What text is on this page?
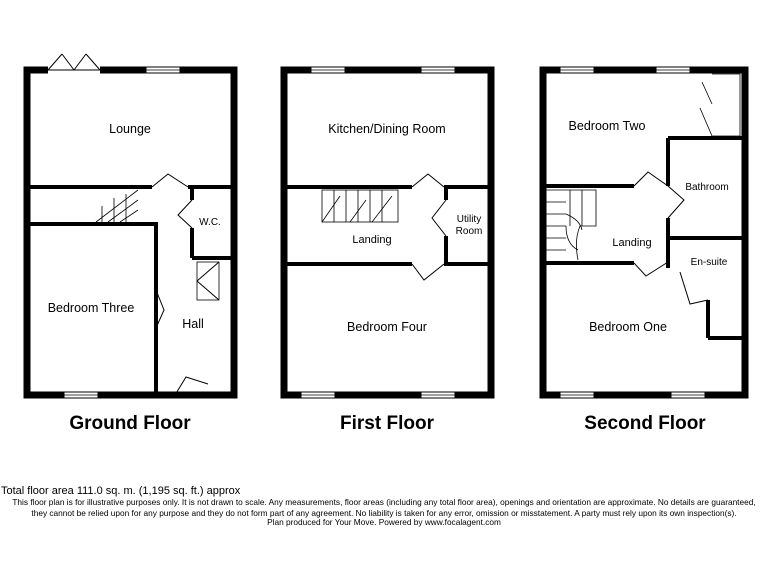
Lounge
W.C.
Bedroom Three
Hall
Ground Floor
Kitchen/Dining Room
Utility
Room
Landing
Bedroom Four
First Floor
Bedroom Two
Bathroom
Landing
En-suite
Bedroom One
Second Floor
Total floor area 111.0 sq. m. (1,195 sq. ft.) approx
This floor plan is for illustrative purposes only. It is not drawn to scale. Any measurements, floor areas (including any total floor area), openings and orientation are approximate. No details are guaranteed, they cannot be relied upon for any purpose and they do not form part of any agreement. No liability is taken for any error, omission or misstatement. A party must rely upon its own inspection(s).
Plan produced for Your Move. Powered by www.focalagent.com
